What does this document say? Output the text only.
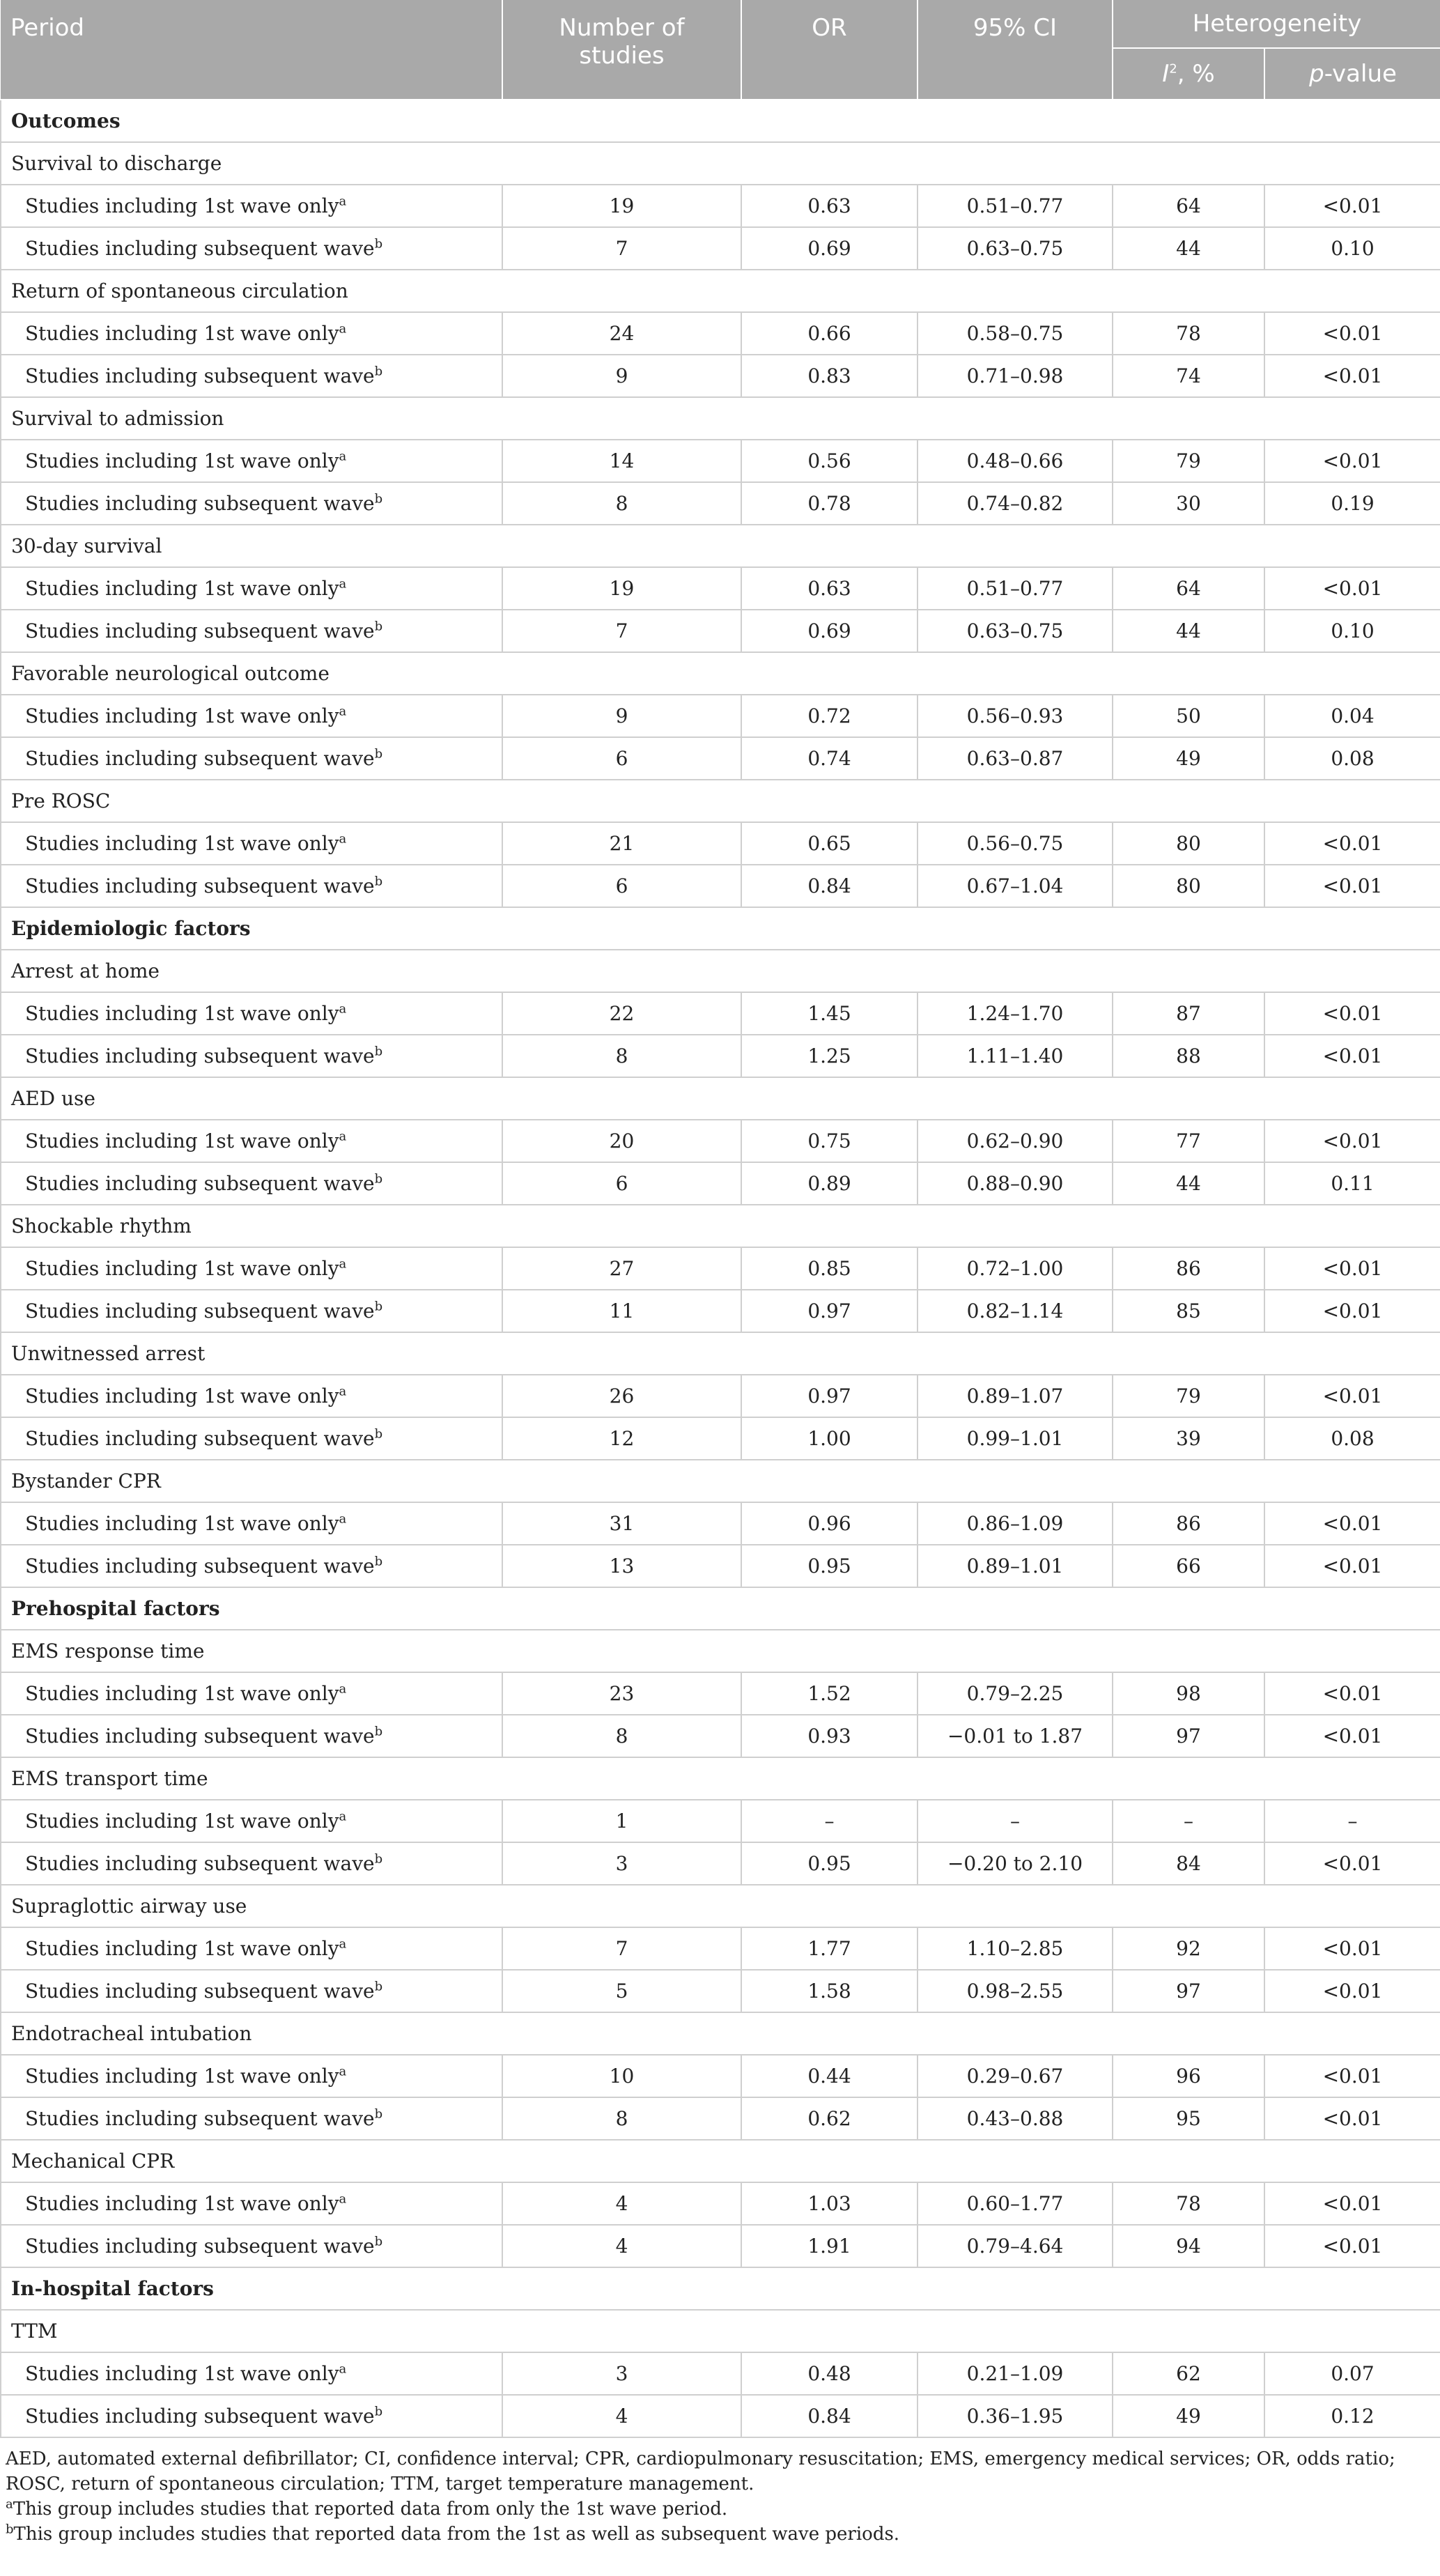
Period	Number of studies	OR	95% CI	Heterogeneity	
				$I^2$, %	p-value
Outcomes					
Survival to discharge					
Studies including 1st wave only$^a$	19	0.63	0.51–0.77	64	<0.01
Studies including subsequent wave$^b$	7	0.69	0.63–0.75	44	0.10
Return of spontaneous circulation					
Studies including 1st wave only$^a$	24	0.66	0.58–0.75	78	<0.01
Studies including subsequent wave$^b$	9	0.83	0.71–0.98	74	<0.01
Survival to admission					
Studies including 1st wave only$^a$	14	0.56	0.48–0.66	79	<0.01
Studies including subsequent wave$^b$	8	0.78	0.74–0.82	30	0.19
30-day survival					
Studies including 1st wave only$^a$	19	0.63	0.51–0.77	64	<0.01
Studies including subsequent wave$^b$	7	0.69	0.63–0.75	44	0.10
Favorable neurological outcome					
Studies including 1st wave only$^a$	9	0.72	0.56–0.93	50	0.04
Studies including subsequent wave$^b$	6	0.74	0.63–0.87	49	0.08
Pre ROSC					
Studies including 1st wave only$^a$	21	0.65	0.56–0.75	80	<0.01
Studies including subsequent wave$^b$	6	0.84	0.67–1.04	80	<0.01
Epidemiologic factors					
Arrest at home					
Studies including 1st wave only$^a$	22	1.45	1.24–1.70	87	<0.01
Studies including subsequent wave$^b$	8	1.25	1.11–1.40	88	<0.01
AED use					
Studies including 1st wave only$^a$	20	0.75	0.62–0.90	77	<0.01
Studies including subsequent wave$^b$	6	0.89	0.88–0.90	44	0.11
Shockable rhythm					
Studies including 1st wave only$^a$	27	0.85	0.72–1.00	86	<0.01
Studies including subsequent wave$^b$	11	0.97	0.82–1.14	85	<0.01
Unwitnessed arrest					
Studies including 1st wave only$^a$	26	0.97	0.89–1.07	79	<0.01
Studies including subsequent wave$^b$	12	1.00	0.99–1.01	39	0.08
Bystander CPR					
Studies including 1st wave only$^a$	31	0.96	0.86–1.09	86	<0.01
Studies including subsequent wave$^b$	13	0.95	0.89–1.01	66	<0.01
Prehospital factors					
EMS response time					
Studies including 1st wave only$^a$	23	1.52	0.79–2.25	98	<0.01
Studies including subsequent wave$^b$	8	0.93	−0.01 to 1.87	97	<0.01
EMS transport time					
Studies including 1st wave only$^a$	1	–	–	–	–
Studies including subsequent wave$^b$	3	0.95	−0.20 to 2.10	84	<0.01
Supraglottic airway use					
Studies including 1st wave only$^a$	7	1.77	1.10–2.85	92	<0.01
Studies including subsequent wave$^b$	5	1.58	0.98–2.55	97	<0.01
Endotracheal intubation					
Studies including 1st wave only$^a$	10	0.44	0.29–0.67	96	<0.01
Studies including subsequent wave$^b$	8	0.62	0.43–0.88	95	<0.01
Mechanical CPR					
Studies including 1st wave only$^a$	4	1.03	0.60–1.77	78	<0.01
Studies including subsequent wave$^b$	4	1.91	0.79–4.64	94	<0.01
In-hospital factors					
TTM					
Studies including 1st wave only$^a$	3	0.48	0.21–1.09	62	0.07
Studies including subsequent wave$^b$	4	0.84	0.36–1.95	49	0.12

AED, automated external defibrillator; CI, confidence interval; CPR, cardiopulmonary resuscitation; EMS, emergency medical services; OR, odds ratio; ROSC, return of spontaneous circulation; TTM, target temperature management.

$^a$This group includes studies that reported data from only the 1st wave period.

$^b$This group includes studies that reported data from the 1st as well as subsequent wave periods.
